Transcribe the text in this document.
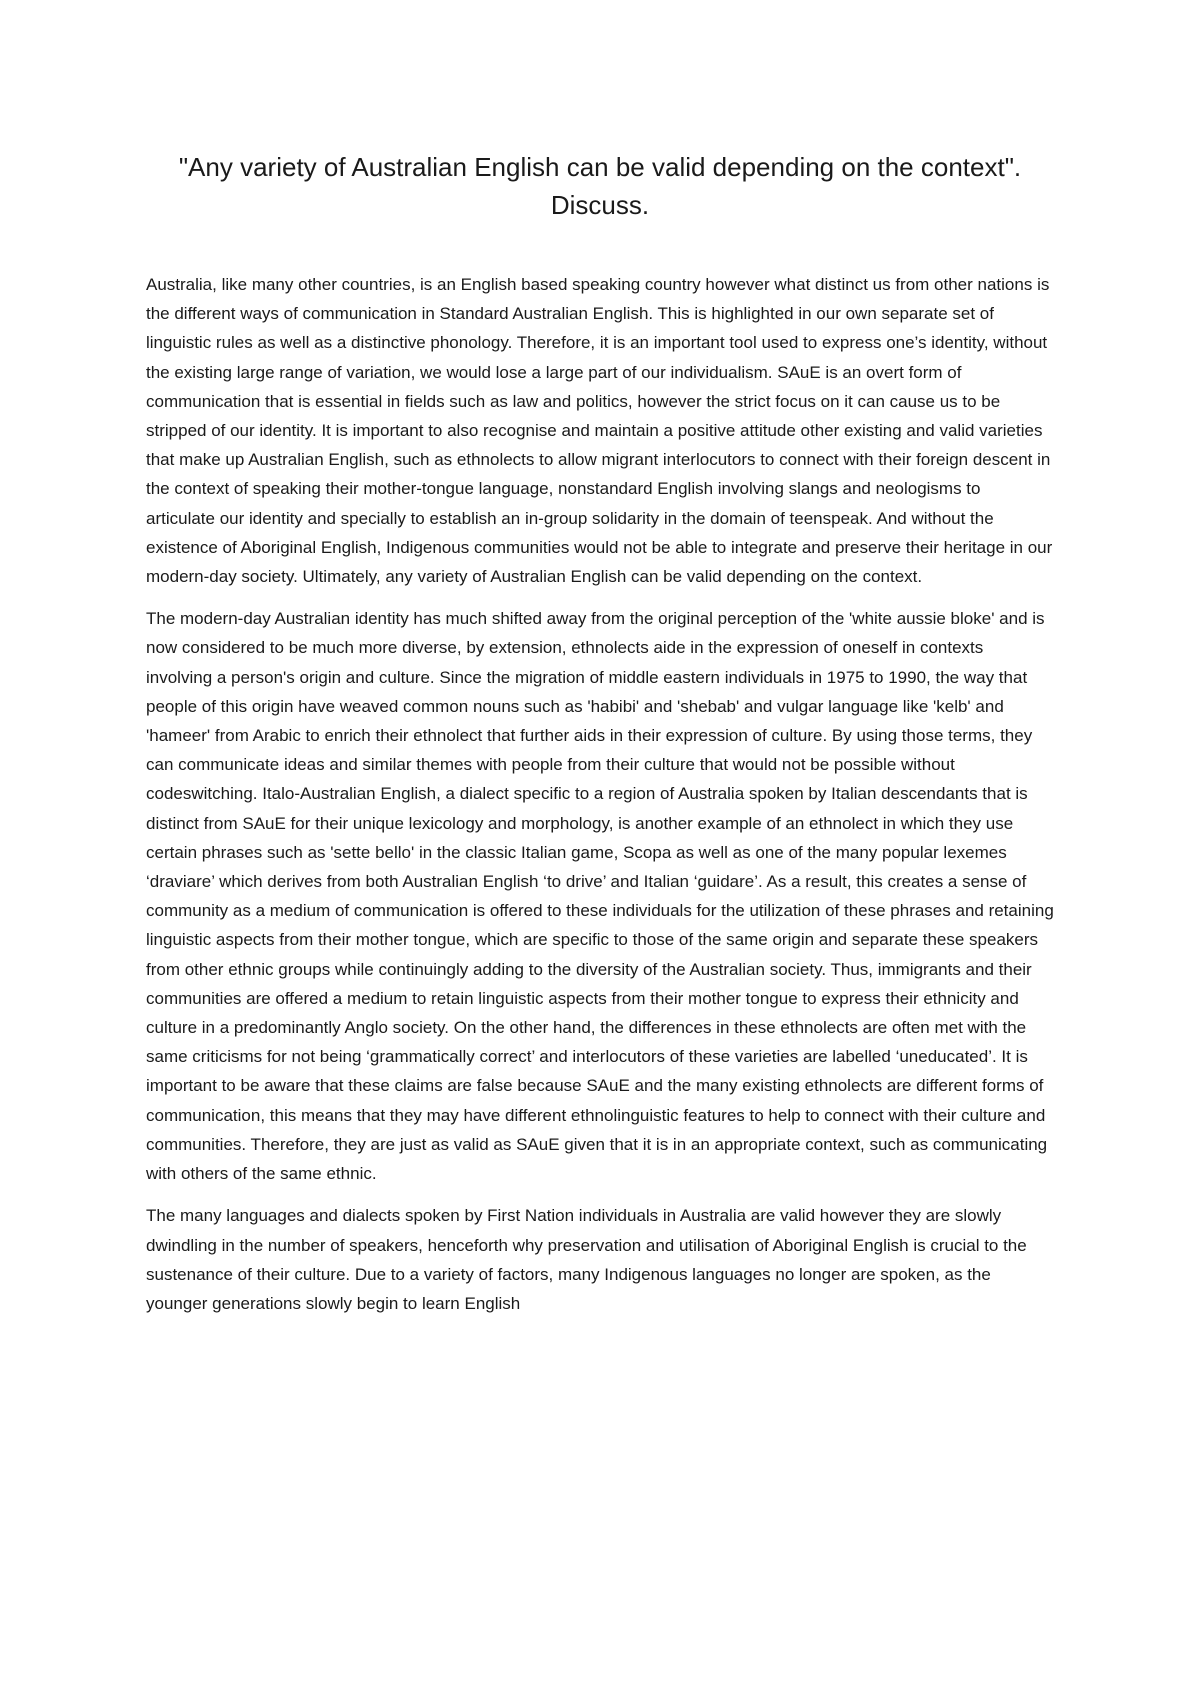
"Any variety of Australian English can be valid depending on the context". Discuss.

Australia, like many other countries, is an English based speaking country however what distinct us from other nations is the different ways of communication in Standard Australian English. This is highlighted in our own separate set of linguistic rules as well as a distinctive phonology. Therefore, it is an important tool used to express one’s identity, without the existing large range of variation, we would lose a large part of our individualism. SAuE is an overt form of communication that is essential in fields such as law and politics, however the strict focus on it can cause us to be stripped of our identity. It is important to also recognise and maintain a positive attitude other existing and valid varieties that make up Australian English, such as ethnolects to allow migrant interlocutors to connect with their foreign descent in the context of speaking their mother-tongue language, nonstandard English involving slangs and neologisms to articulate our identity and specially to establish an in-group solidarity in the domain of teenspeak. And without the existence of Aboriginal English, Indigenous communities would not be able to integrate and preserve their heritage in our modern-day society. Ultimately, any variety of Australian English can be valid depending on the context.

The modern-day Australian identity has much shifted away from the original perception of the 'white aussie bloke' and is now considered to be much more diverse, by extension, ethnolects aide in the expression of oneself in contexts involving a person's origin and culture. Since the migration of middle eastern individuals in 1975 to 1990, the way that people of this origin have weaved common nouns such as 'habibi' and 'shebab' and vulgar language like 'kelb' and 'hameer' from Arabic to enrich their ethnolect that further aids in their expression of culture. By using those terms, they can communicate ideas and similar themes with people from their culture that would not be possible without codeswitching. Italo-Australian English, a dialect specific to a region of Australia spoken by Italian descendants that is distinct from SAuE for their unique lexicology and morphology, is another example of an ethnolect in which they use certain phrases such as 'sette bello' in the classic Italian game, Scopa as well as one of the many popular lexemes ‘draviare’ which derives from both Australian English ‘to drive’ and Italian ‘guidare’. As a result, this creates a sense of community as a medium of communication is offered to these individuals for the utilization of these phrases and retaining linguistic aspects from their mother tongue, which are specific to those of the same origin and separate these speakers from other ethnic groups while continuingly adding to the diversity of the Australian society. Thus, immigrants and their communities are offered a medium to retain linguistic aspects from their mother tongue to express their ethnicity and culture in a predominantly Anglo society. On the other hand, the differences in these ethnolects are often met with the same criticisms for not being ‘grammatically correct’ and interlocutors of these varieties are labelled ‘uneducated’. It is important to be aware that these claims are false because SAuE and the many existing ethnolects are different forms of communication, this means that they may have different ethnolinguistic features to help to connect with their culture and communities. Therefore, they are just as valid as SAuE given that it is in an appropriate context, such as communicating with others of the same ethnic.

The many languages and dialects spoken by First Nation individuals in Australia are valid however they are slowly dwindling in the number of speakers, henceforth why preservation and utilisation of Aboriginal English is crucial to the sustenance of their culture. Due to a variety of factors, many Indigenous languages no longer are spoken, as the younger generations slowly begin to learn English
